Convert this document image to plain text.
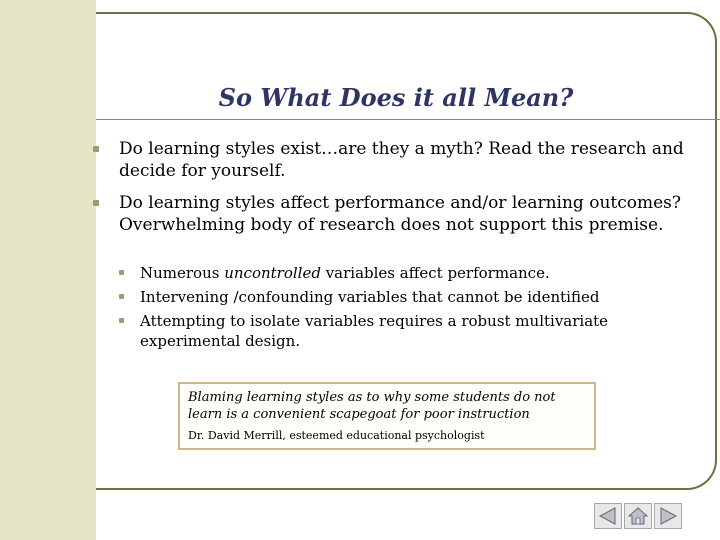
So What Does it all Mean?
Do learning styles exist…are they a myth? Read the research and decide for yourself.
Do learning styles affect performance and/or learning outcomes? Overwhelming body of research does not support this premise.
Numerous uncontrolled variables affect performance.
Intervening /confounding variables that cannot be identified
Attempting to isolate variables requires a robust multivariate experimental design.

Blaming learning styles as to why some students do not learn is a convenient scapegoat for poor instruction

Dr. David Merrill, esteemed educational psychologist
